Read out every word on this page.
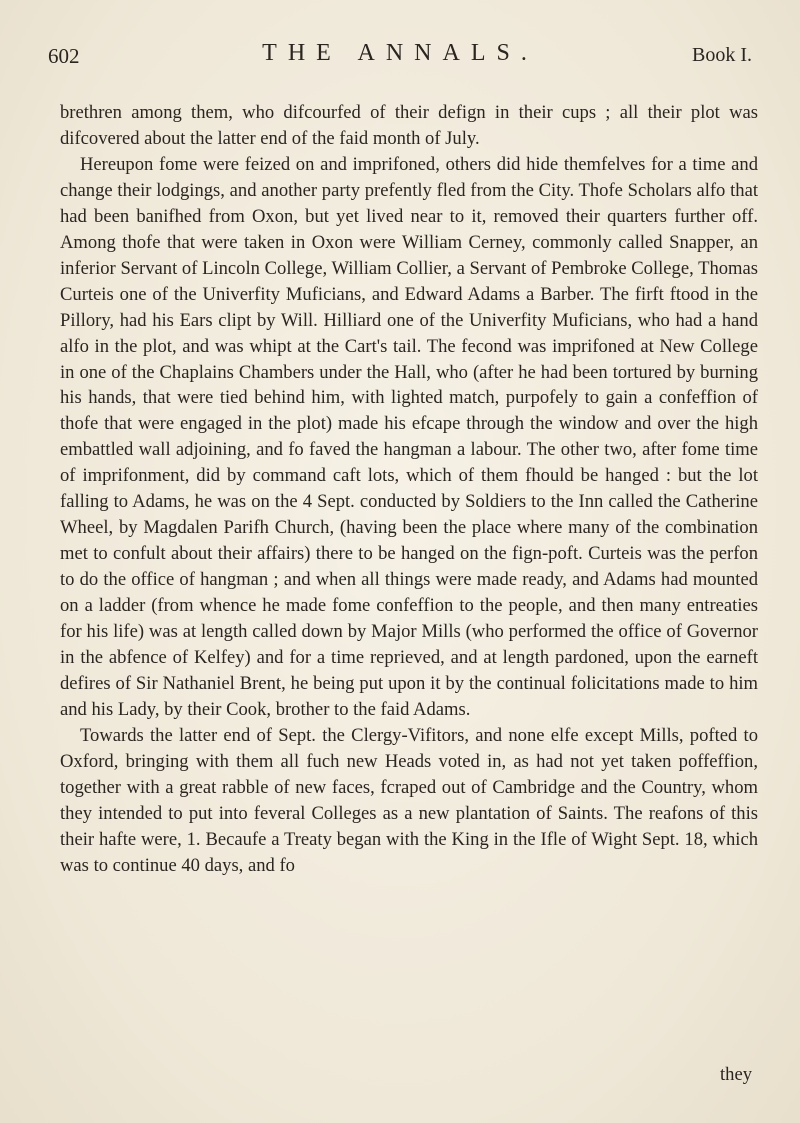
602	THE ANNALS.	Book I.

brethren among them, who difcourfed of their defign in their cups ; all their plot was difcovered about the latter end of the faid month of July.

Hereupon fome were feized on and imprifoned, others did hide themfelves for a time and change their lodgings, and another party prefently fled from the City. Thofe Scholars alfo that had been banifhed from Oxon, but yet lived near to it, removed their quarters further off. Among thofe that were taken in Oxon were William Cerney, commonly called Snapper, an inferior Servant of Lincoln College, William Collier, a Servant of Pembroke College, Thomas Curteis one of the Univerfity Muficians, and Edward Adams a Barber. The firft ftood in the Pillory, had his Ears clipt by Will. Hilliard one of the Univerfity Muficians, who had a hand alfo in the plot, and was whipt at the Cart's tail. The fecond was imprifoned at New College in one of the Chaplains Chambers under the Hall, who (after he had been tortured by burning his hands, that were tied behind him, with lighted match, purpofely to gain a confeffion of thofe that were engaged in the plot) made his efcape through the window and over the high embattled wall adjoining, and fo faved the hangman a labour. The other two, after fome time of imprifonment, did by command caft lots, which of them fhould be hanged : but the lot falling to Adams, he was on the 4 Sept. conducted by Soldiers to the Inn called the Catherine Wheel, by Magdalen Parifh Church, (having been the place where many of the combination met to confult about their affairs) there to be hanged on the fign-poft. Curteis was the perfon to do the office of hangman ; and when all things were made ready, and Adams had mounted on a ladder (from whence he made fome confeffion to the people, and then many entreaties for his life) was at length called down by Major Mills (who performed the office of Governor in the abfence of Kelfey) and for a time reprieved, and at length pardoned, upon the earneft defires of Sir Nathaniel Brent, he being put upon it by the continual folicitations made to him and his Lady, by their Cook, brother to the faid Adams.

Towards the latter end of Sept. the Clergy-Vifitors, and none elfe except Mills, pofted to Oxford, bringing with them all fuch new Heads voted in, as had not yet taken poffeffion, together with a great rabble of new faces, fcraped out of Cambridge and the Country, whom they intended to put into feveral Colleges as a new plantation of Saints. The reafons of this their hafte were, 1. Becaufe a Treaty began with the King in the Ifle of Wight Sept. 18, which was to continue 40 days, and fo

they
